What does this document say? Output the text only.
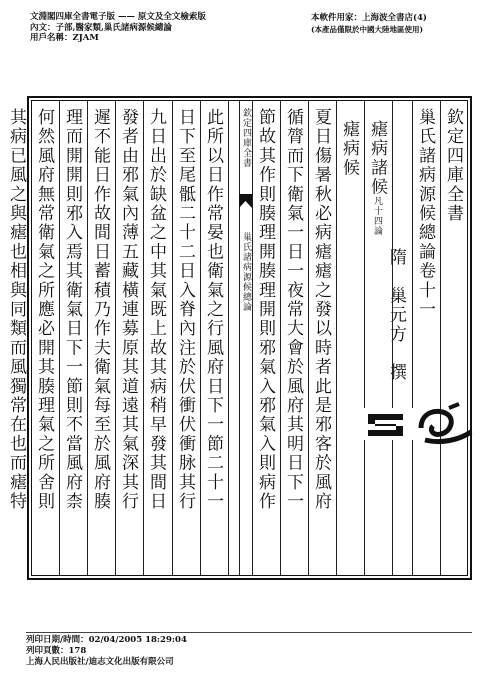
文淵閣四庫全書電子版 —— 原文及全文檢索版
內文：子部,醫家類,巢氏諸病源候總論
用戶名稱：ZJAM
本軟件用家：上海波全書店(4)
(本產品僅限於中國大陸地區使用)
欽定四庫全書
巢氏諸病源候總論卷十一
隋　巢元方　撰
瘧病諸候
凡十四論
瘧病候
夏日傷暑秋必病瘧瘧之發以時者此是邪客於風府
循膂而下衛氣一日一夜常大會於風府其明日下一
節故其作則腠理開腠理開則邪氣入邪氣入則病作
欽定四庫全書
巢氏諸病源候總論
此所以日作常晏也衛氣之行風府日下一節二十一
日下至尾骶二十二日入脊內注於伏衝伏衝脉其行
九日出於缺盆之中其氣既上故其病稍早發其間日
發者由邪氣內薄五藏橫連募原其道遠其氣深其行
遲不能日作故間日蓄積乃作夫衛氣每至於風府腠
理而開開則邪入焉其衛氣日下一節則不當風府柰
何然風府無常衛氣之所應必開其腠理氣之所舍則
其病已風之與瘧也相與同類而風獨常在也而瘧特
列印日期/時間：02/04/2005 18:29:04
列印頁數：178
上海人民出版社/迪志文化出版有限公司
